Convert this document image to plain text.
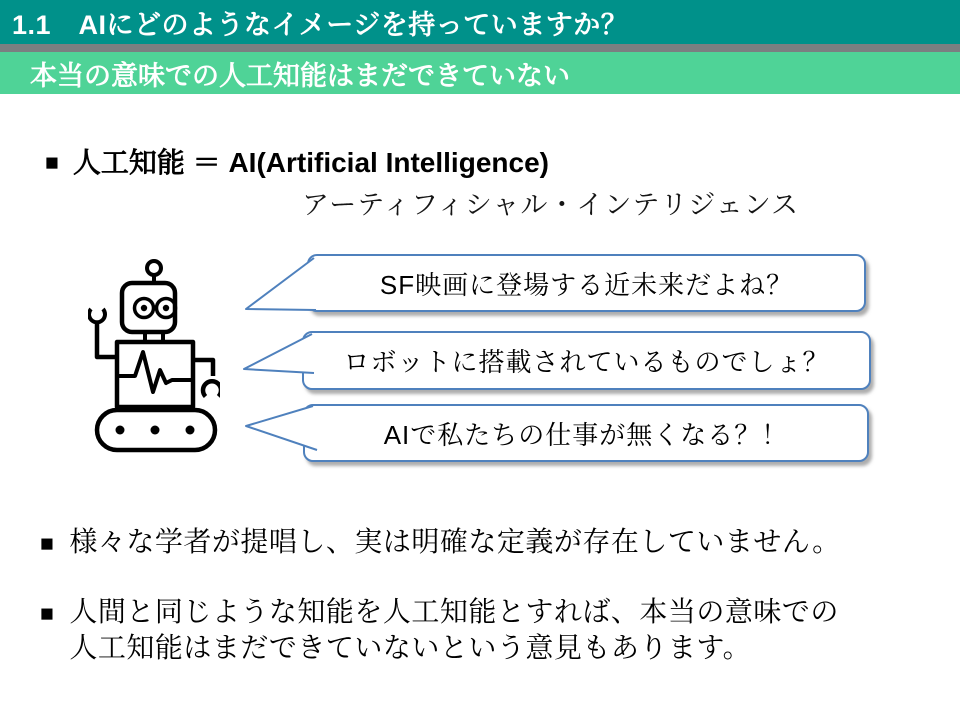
1.1　AIにどのようなイメージを持っていますか？
本当の意味での人工知能はまだできていない
■ 人工知能 ＝ AI(Artificial Intelligence)
アーティフィシャル・インテリジェンス
SF映画に登場する近未来だよね？
ロボットに搭載されているものでしょ？
AIで私たちの仕事が無くなる？！
■ 様々な学者が提唱し、実は明確な定義が存在していません。
■ 人間と同じような知能を人工知能とすれば、本当の意味での
人工知能はまだできていないという意見もあります。
